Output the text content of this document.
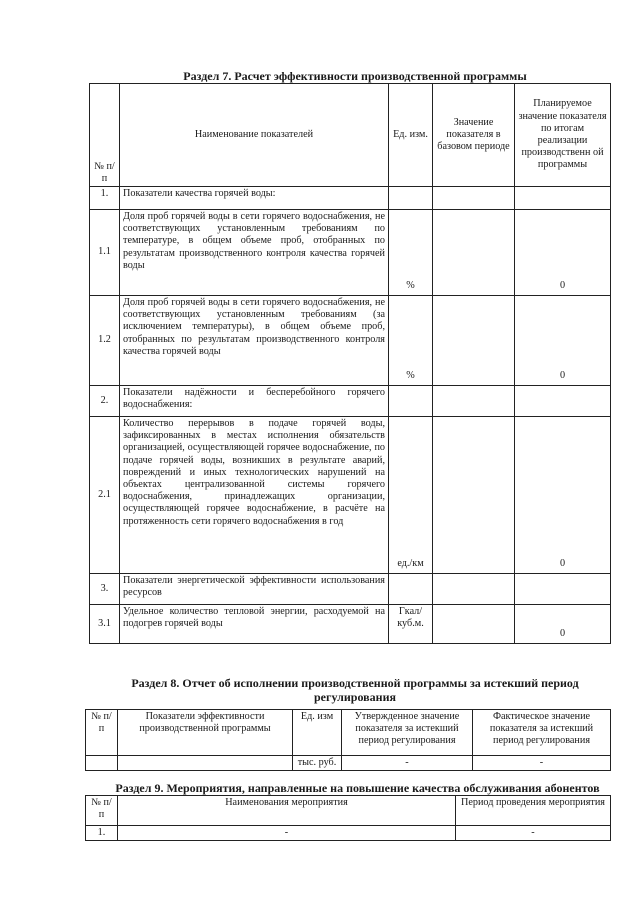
Раздел 7. Расчет эффективности производственной программы
№ п/п	Наименование показателей	Ед. изм.	Значение показателя в базовом периоде	Планируемое значение показателя по итогам реализации производственн ой программы
1.	Показатели качества горячей воды:			
1.1	Доля проб горячей воды в сети горячего водоснабжения, не соответствующих установленным требованиям по температуре, в общем объеме проб, отобранных по результатам производственного контроля качества горячей воды	%		0
1.2	Доля проб горячей воды в сети горячего водоснабжения, не соответствующих установленным требованиям (за исключением температуры), в общем объеме проб, отобранных по результатам производственного контроля качества горячей воды	%		0
2.	Показатели надёжности и бесперебойного горячего водоснабжения:			
2.1	Количество перерывов в подаче горячей воды, зафиксированных в местах исполнения обязательств организацией, осуществляющей горячее водоснабжение, по подаче горячей воды, возникших в результате аварий, повреждений и иных технологических нарушений на объектах централизованной системы горячего водоснабжения, принадлежащих организации, осуществляющей горячее водоснабжение, в расчёте на протяженность сети горячего водоснабжения в год	ед./км		0
3.	Показатели энергетической эффективности использования ресурсов			
3.1	Удельное количество тепловой энергии, расходуемой на подогрев горячей воды	Гкал/ куб.м.		0
Раздел 8. Отчет об исполнении производственной программы за истекший период регулирования
№ п/п	Показатели эффективности производственной программы	Ед. изм	Утвержденное значение показателя за истекший период регулирования	Фактическое значение показателя за истекший период регулирования
		тыс. руб.	-	-
Раздел 9. Мероприятия, направленные на повышение качества обслуживания абонентов
№ п/п	Наименования мероприятия	Период проведения мероприятия
1.	-	-
